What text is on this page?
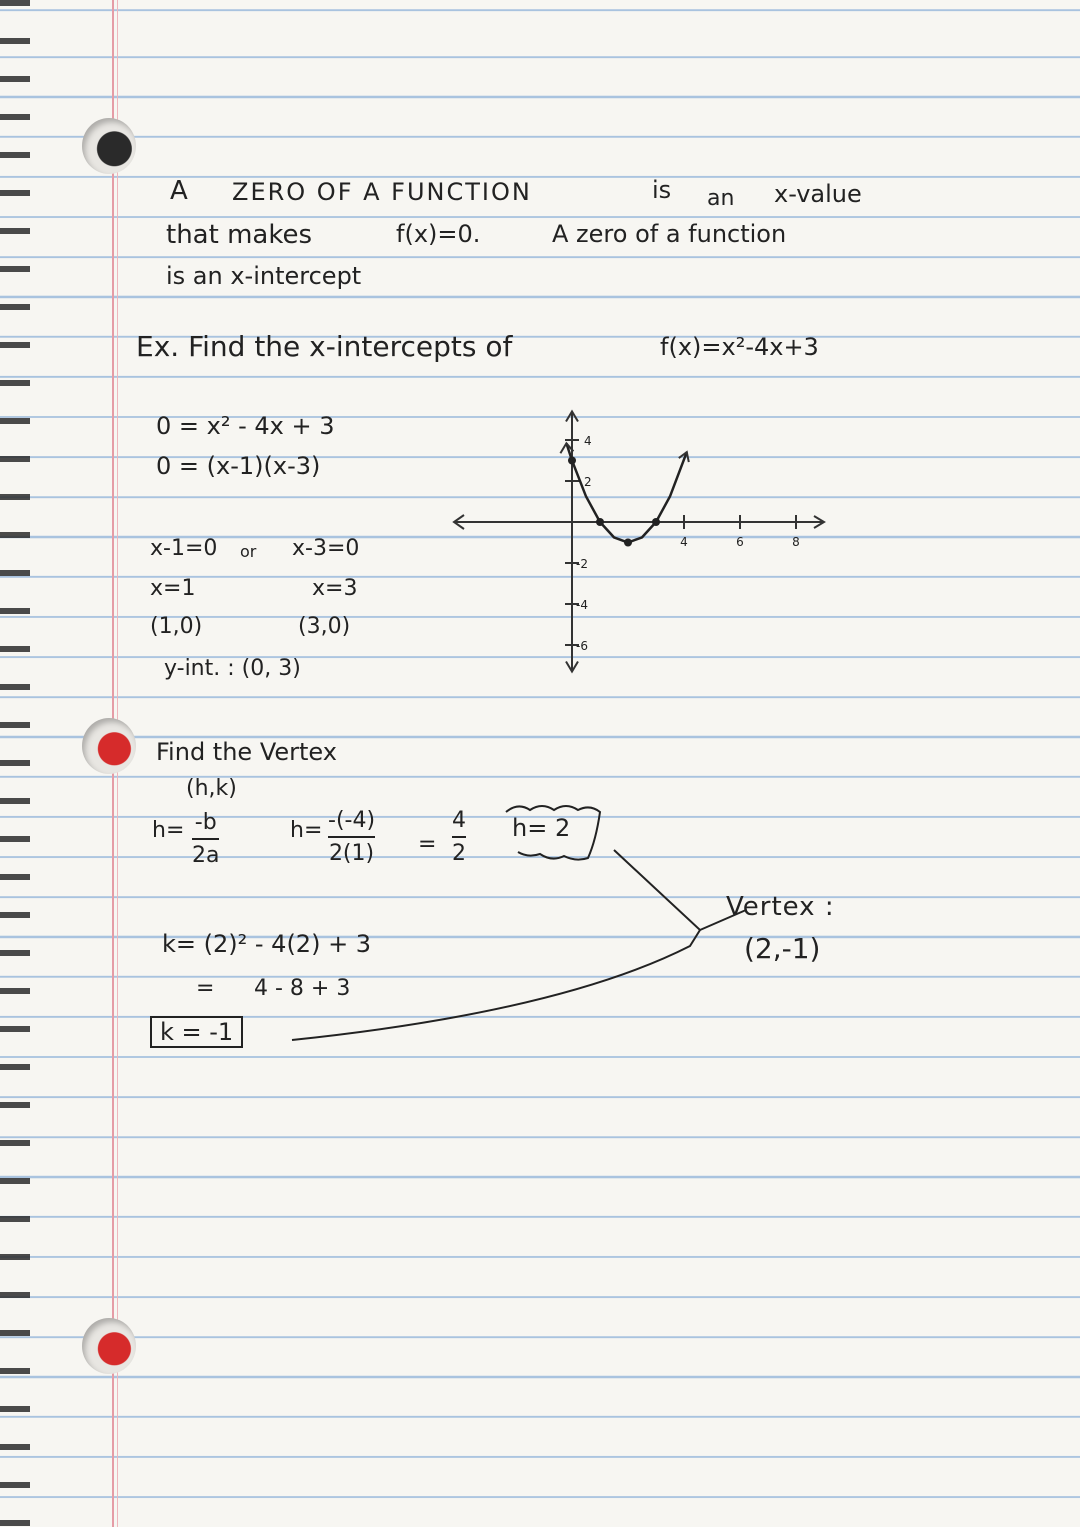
A ZERO OF A FUNCTION	is an x-value
that makes	f(x)=0.	A zero of a function
is an x-intercept
Ex. Find the x-intercepts of	f(x)=x²-4x+3
0 = x² - 4x + 3
0 = (x-1)(x-3)
x-1=0 or x-3=0
x=1	x=3
(1,0)	(3,0)
y-int. : (0, 3)
4	6	8
4
2
-2
-4
-6
Find the Vertex
(h,k)
h= -b
2a
h= -(-4)
2(1) =
4
2
h= 2
k= (2)² - 4(2) + 3
= 4 - 8 + 3
k = -1
Vertex :
(2,-1)
